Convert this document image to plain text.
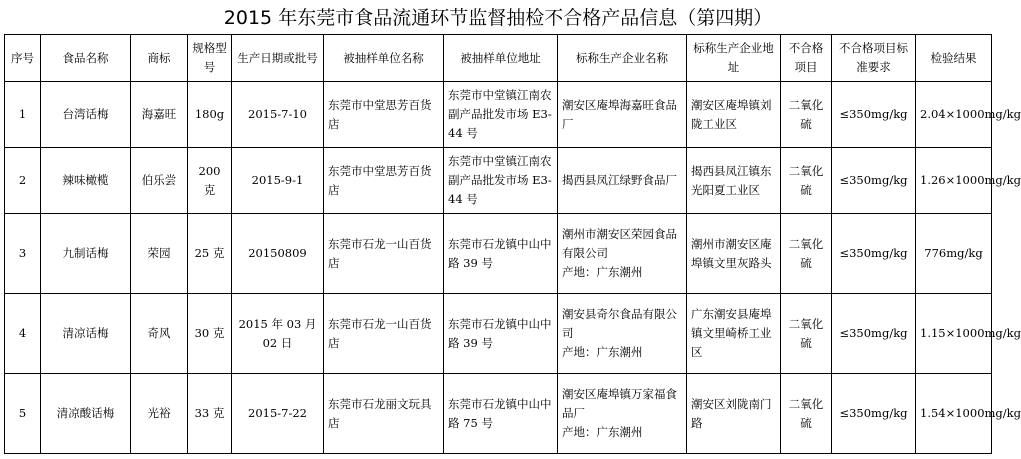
2015 年东莞市食品流通环节监督抽检不合格产品信息（第四期）
序号	食品名称	商标	规格型号	生产日期或批号	被抽样单位名称	被抽样单位地址	标称生产企业名称	标称生产企业地址	不合格项目	不合格项目标准要求	检验结果
1	台湾话梅	海嘉旺	180g	2015-7-10	东莞市中堂思芳百货店	东莞市中堂镇江南农副产品批发市场 E3-44 号	潮安区庵埠海嘉旺食品厂	潮安区庵埠镇刘陇工业区	二氧化硫	≤350mg/kg	2.04×1000mg/kg
2	辣味橄榄	伯乐尝	200 克	2015-9-1	东莞市中堂思芳百货店	东莞市中堂镇江南农副产品批发市场 E3-44 号	揭西县凤江绿野食品厂	揭西县凤江镇东光阳夏工业区	二氧化硫	≤350mg/kg	1.26×1000mg/kg
3	九制话梅	荣园	25 克	20150809	东莞市石龙一山百货店	东莞市石龙镇中山中路 39 号	潮州市潮安区荣园食品有限公司
产地：广东潮州	潮州市潮安区庵埠镇文里灰路头	二氧化硫	≤350mg/kg	776mg/kg
4	清凉话梅	奇风	30 克	2015 年 03 月 02 日	东莞市石龙一山百货店	东莞市石龙镇中山中路 39 号	潮安县奇尔食品有限公司
产地：广东潮州	广东潮安县庵埠镇文里崎桥工业区	二氧化硫	≤350mg/kg	1.15×1000mg/kg
5	清凉酸话梅	光裕	33 克	2015-7-22	东莞市石龙丽文玩具店	东莞市石龙镇中山中路 75 号	潮安区庵埠镇万家福食品厂
产地：广东潮州	潮安区刘陇南门路	二氧化硫	≤350mg/kg	1.54×1000mg/kg
